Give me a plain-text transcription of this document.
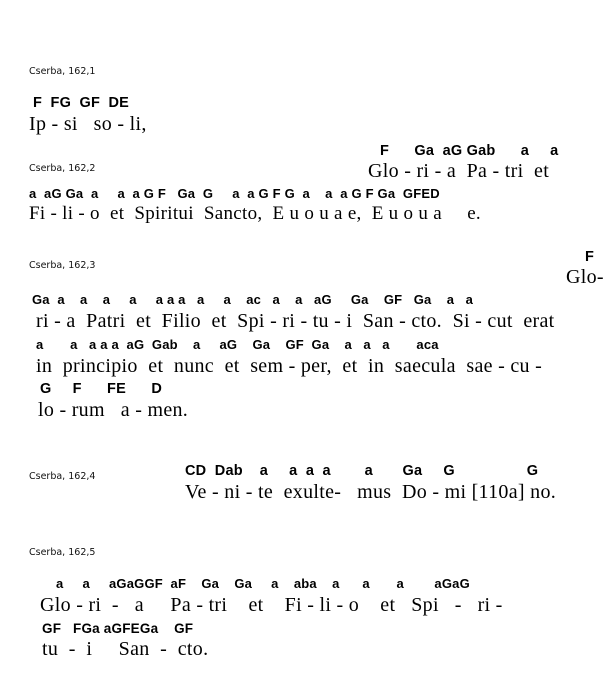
Cserba, 162,1
F  FG  GF  DE
Ip - si   so - li,
F      Ga  aG Gab      a     a
Cserba, 162,2	Glo - ri - a  Pa - tri  et
a  aG Ga  a     a  a G F   Ga  G     a  a G F G  a    a  a G F Ga  GFED
Fi - li - o  et  Spiritui  Sancto,  E u o u a e,  E u o u a     e.
Cserba, 162,3
F
Glo-
Ga  a    a    a     a     a a a   a     a    ac   a    a   aG     Ga    GF   Ga    a   a
ri - a  Patri  et  Filio  et  Spi - ri - tu - i  San - cto.  Si - cut  erat
a       a   a a a  aG  Gab    a     aG    Ga    GF  Ga    a   a   a       aca
in  principio  et  nunc  et  sem - per,  et  in  saecula  sae - cu -
G     F      FE      D
lo - rum   a - men.
Cserba, 162,4	CD  Dab    a     a  a  a        a       Ga     G                 G
Ve - ni - te  exulte-   mus  Do - mi [110a] no.
Cserba, 162,5
a     a     aGaGGF  aF    Ga    Ga     a    aba    a      a       a        aGaG
Glo - ri  -   a     Pa - tri    et    Fi - li - o    et   Spi   -   ri -
GF   FGa aGFEGa    GF
tu  -  i     San  -  cto.
